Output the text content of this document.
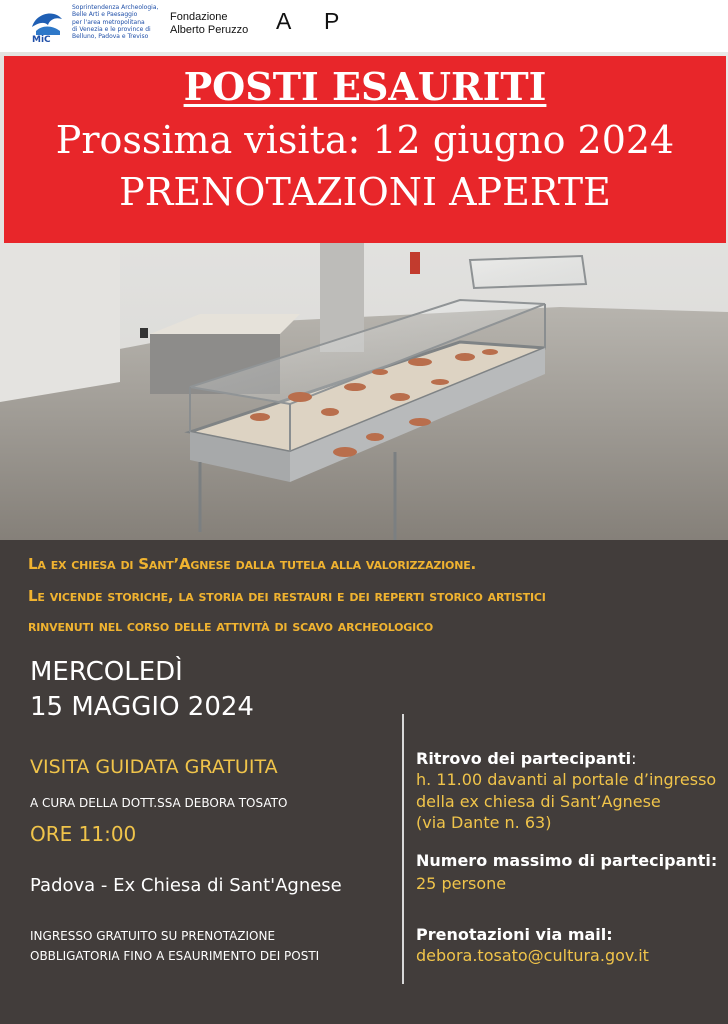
MiC
Soprintendenza Archeologia,
Belle Arti e Paesaggio
per l'area metropolitana
di Venezia e le province di
Belluno, Padova e Treviso
Fondazione
Alberto Peruzzo A P
POSTI ESAURITI
Prossima visita: 12 giugno 2024
PRENOTAZIONI APERTE
La ex chiesa di Sant’Agnese dalla tutela alla valorizzazione.
Le vicende storiche, la storia dei restauri e dei reperti storico artistici
rinvenuti nel corso delle attività di scavo archeologico
MERCOLEDÌ
15 MAGGIO 2024
VISITA GUIDATA GRATUITA
A CURA DELLA DOTT.SSA DEBORA TOSATO
ORE 11:00
Padova - Ex Chiesa di Sant'Agnese
INGRESSO GRATUITO SU PRENOTAZIONE
OBBLIGATORIA FINO A ESAURIMENTO DEI POSTI
Ritrovo dei partecipanti:
h. 11.00 davanti al portale d’ingresso
della ex chiesa di Sant’Agnese
(via Dante n. 63)
Numero massimo di partecipanti:
25 persone
Prenotazioni via mail:
debora.tosato@cultura.gov.it
